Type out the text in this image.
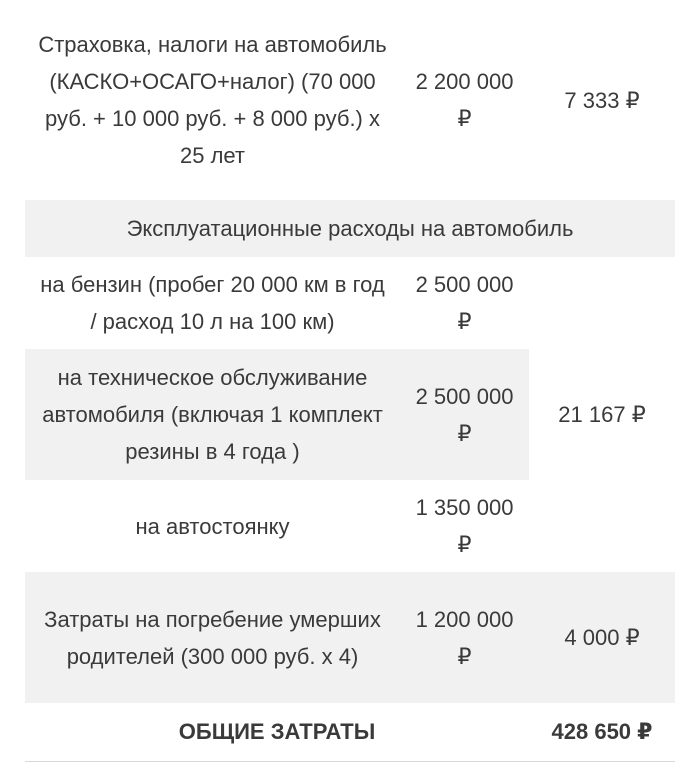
Страховка, налоги на автомобиль (КАСКО+ОСАГО+налог) (70 000 руб. + 10 000 руб. + 8 000 руб.) х 25 лет	2 200 000 ₽	7 333 ₽
Эксплуатационные расходы на автомобиль		
на бензин (пробег 20 000 км в год / расход 10 л на 100 км)	2 500 000 ₽	21 167 ₽
на техническое обслуживание автомобиля (включая 1 комплект резины в 4 года )	2 500 000 ₽	
на автостоянку	1 350 000 ₽	
Затраты на погребение умерших родителей (300 000 руб. х 4)	1 200 000 ₽	4 000 ₽
ОБЩИЕ ЗАТРАТЫ		428 650 ₽
